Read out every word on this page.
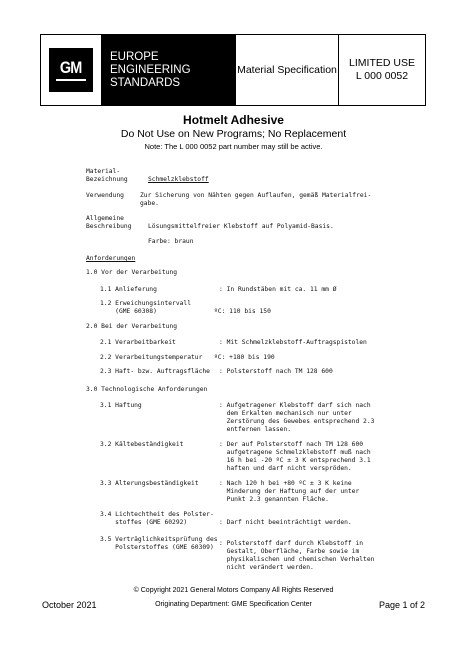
GM
EUROPE
ENGINEERING
STANDARDS
Material Specification
LIMITED USE
L 000 0052
Hotmelt Adhesive
Do Not Use on New Programs; No Replacement
Note: The L 000 0052 part number may still be active.
Material-
Bezeichnung	Schmelzklebstoff
Verwendung	Zur Sicherung von Nähten gegen Auflaufen, gemäß Materialfrei-
gabe.
Allgemeine
Beschreibung	Lösungsmittelfreier Klebstoff auf Polyamid-Basis.
Farbe: braun
Anforderungen
1.0 Vor der Verarbeitung
1.1 Anlieferung	: In Rundstäben mit ca. 11 mm Ø
1.2 Erweichungsintervall
(GME 60308)	ºC: 110 bis 150
2.0 Bei der Verarbeitung
2.1 Verarbeitbarkeit	: Mit Schmelzklebstoff-Auftragspistolen
2.2 Verarbeitungstemperatur ºC: +180 bis 190
2.3 Haft- bzw. Auftragsfläche : Polsterstoff nach TM 128 600
3.0 Technologische Anforderungen
3.1 Haftung	: Aufgetragener Klebstoff darf sich nach
dem Erkalten mechanisch nur unter
Zerstörung des Gewebes entsprechend 2.3
entfernen lassen.
3.2 Kältebeständigkeit	: Der auf Polsterstoff nach TM 128 600
aufgetragene Schmelzklebstoff muß nach
16 h bei -20 ºC ± 3 K entsprechend 3.1
haften und darf nicht verspröden.
3.3 Alterungsbeständigkeit	: Nach 120 h bei +80 ºC ± 3 K keine
Minderung der Haftung auf der unter
Punkt 2.3 genannten Fläche.
3.4 Lichtechtheit des Polster-
stoffes (GME 60292)	: Darf nicht beeinträchtigt werden.
3.5 Verträglichkeitsprüfung des
Polsterstoffes (GME 60309)
: Polsterstoff darf durch Klebstoff in
Gestalt, Oberfläche, Farbe sowie im
physikalischen und chemischen Verhalten
nicht verändert werden.
© Copyright 2021 General Motors Company All Rights Reserved
October 2021	Originating Department: GME Specification Center	Page 1 of 2
